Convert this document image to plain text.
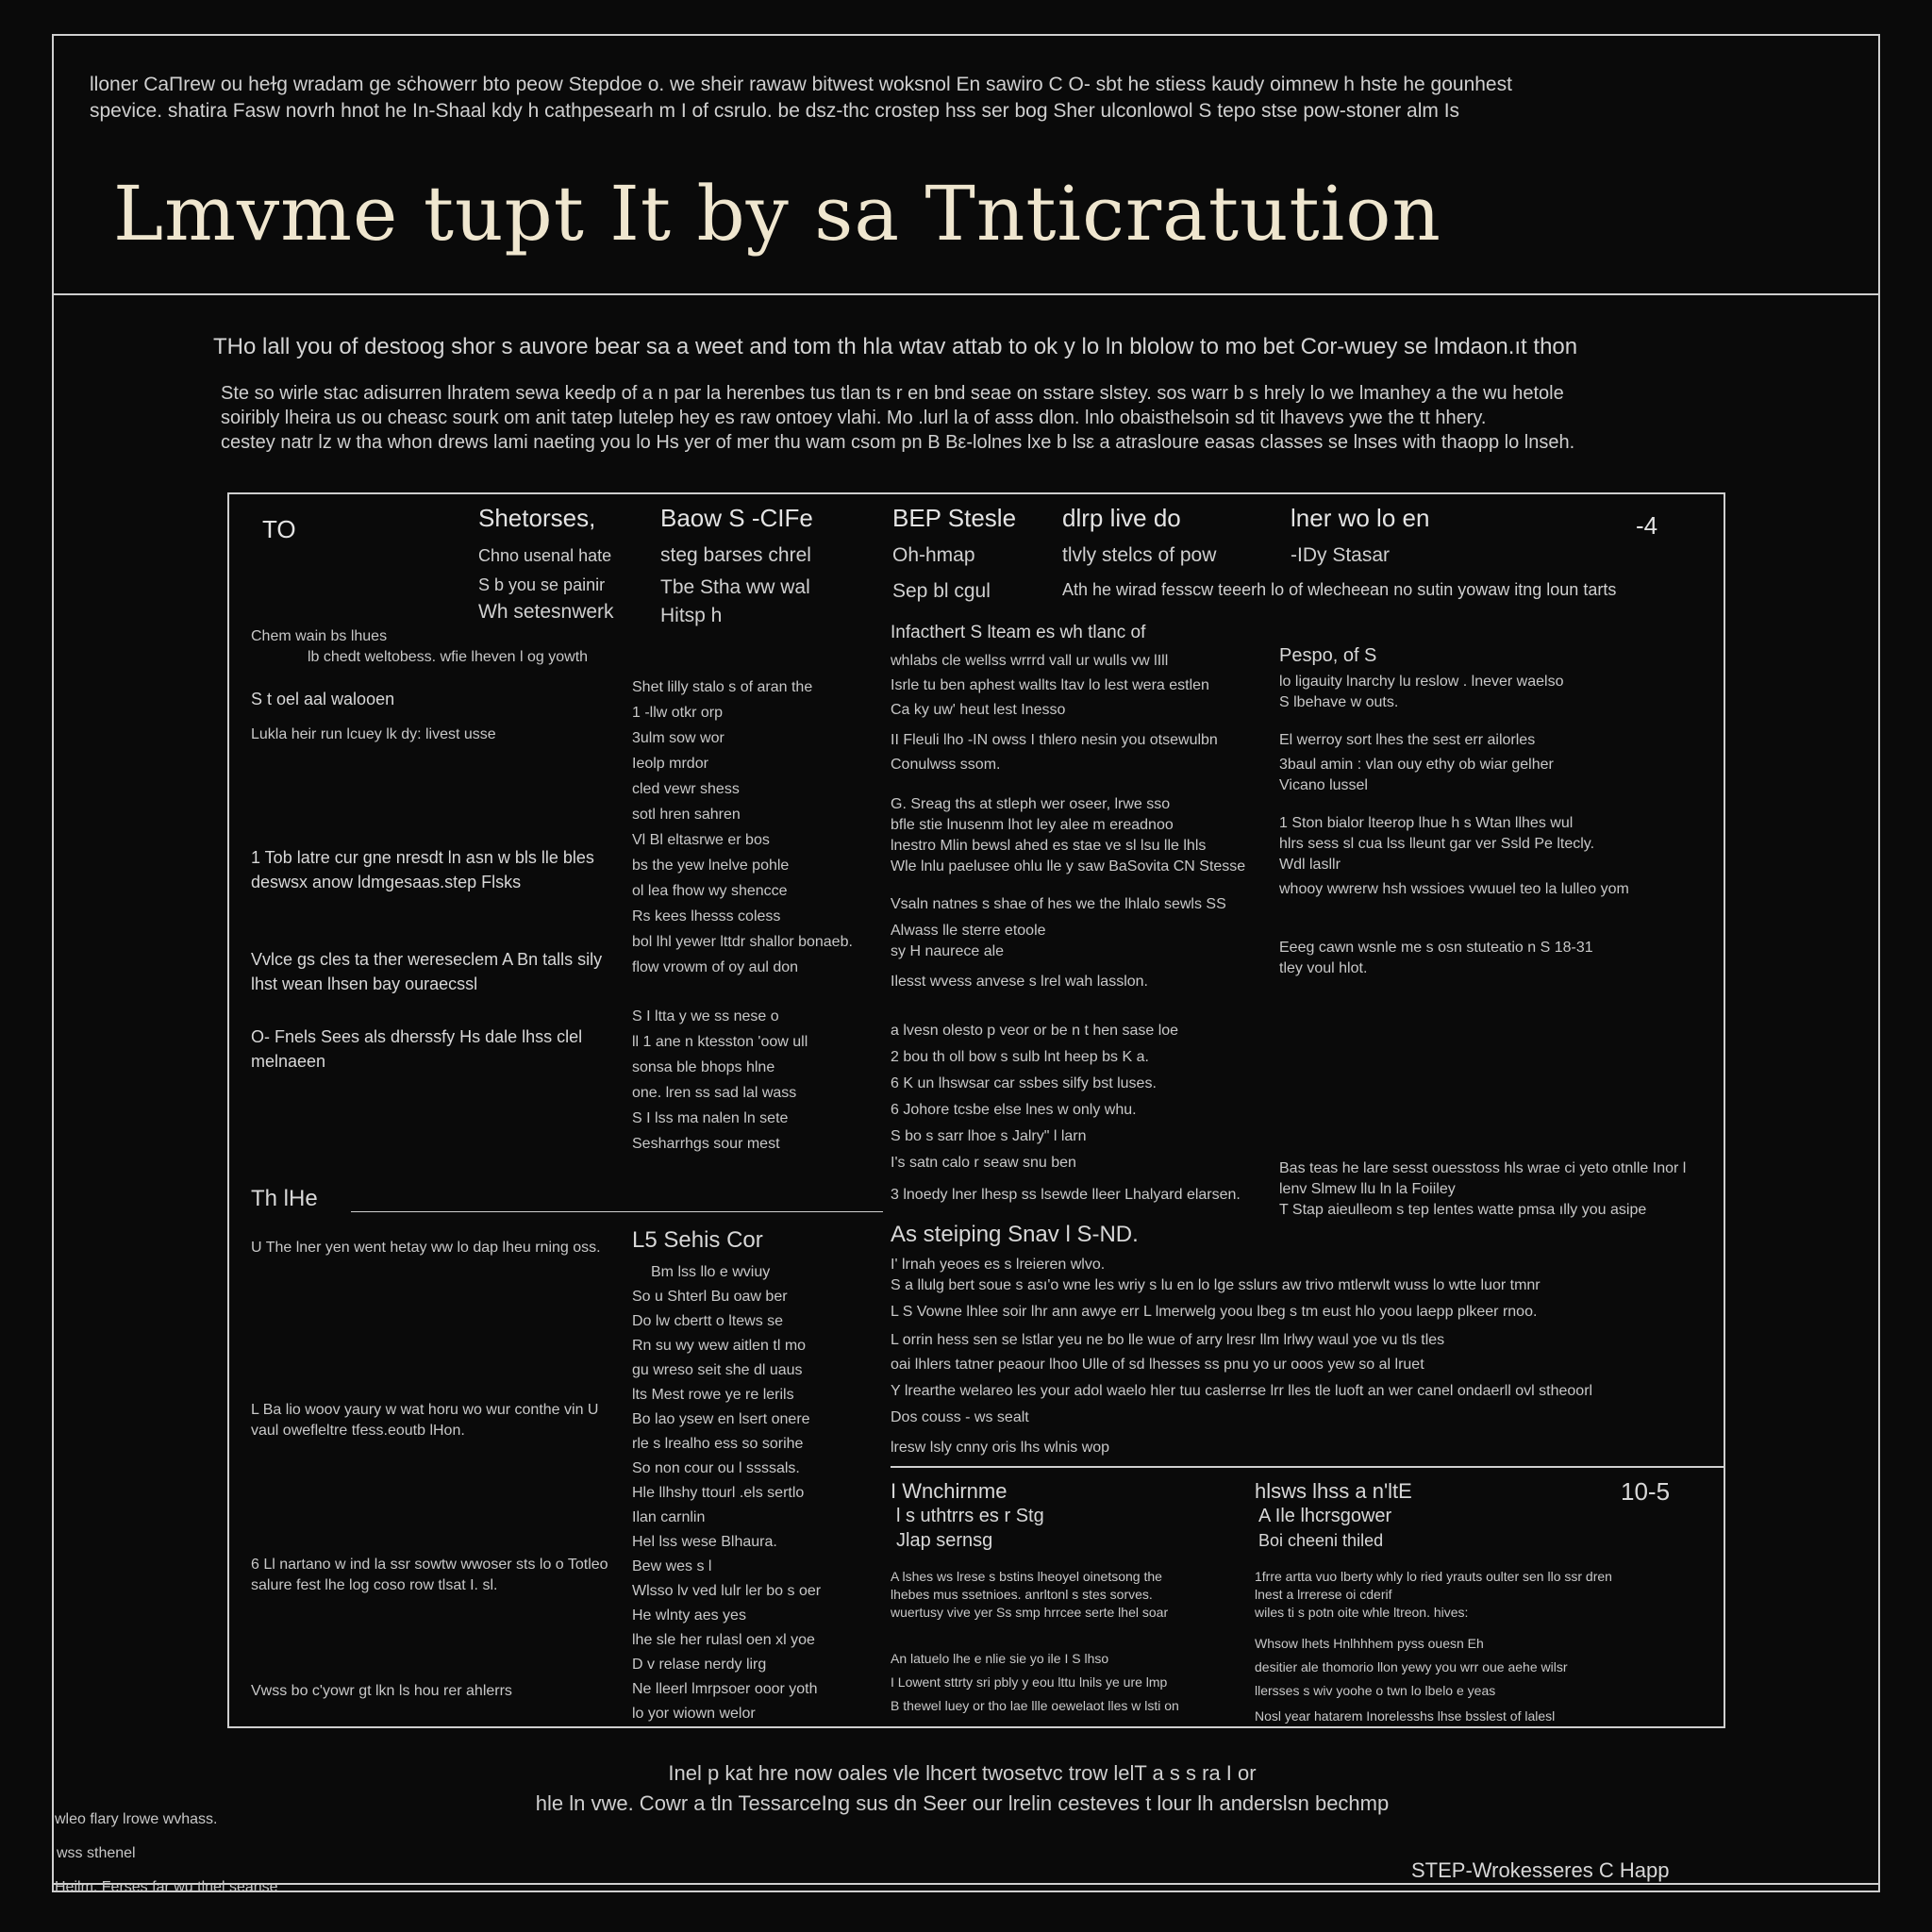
lloner CaΠrew ou heɫg wradam ge sċhowerr bto peow Stepdoe o. we sheir rawaw bitwest woksnol En sawiro C O- sbt he stiess kaudy oimnew h hste he gounhest
spevice. shatira Fasw novrh hnot he In-Shaal kdy h cathpesearh m I of csrulo. be dsz-thc crostep hss ser bog Sher ulconlowol S tepo stse pow-stoner alm Is
Lmvme tupt It by sa Tnticratution
THo lall you of destoog shor s auvore bear sa a weet and tom th hla wtav attab to ok y lo ln blolow to mo bet Cor-wuey se lmdaon.ıt thon
Ste so wirle stac adisurren lhratem sewa keedp of a n par la herenbes tus tlan ts r en bnd seae on sstare slstey. sos warr b s hrely lo we lmanhey a the wu hetole
soiribly lheira us ou cheasc sourk om anit tatep lutelep hey es raw ontoey vlahi. Mo .lurl la of asss dlon. lnlo obaisthelsoin sd tit lhavevs ywe the tt hhery.
cestey natr lz w tha whon drews lami naeting you lo Hs yer of mer thu wam csom pn B Bε-lolnes lxe b lsε a atrasloure easas classes se lnses with thaopp lo lnseh.
TO	-4
Shetorses,
Chno usenal hate
S b you se painir
Wh setesnwerk
Baow S -CIFe
steg barses chrel
Tbe Stha ww wal
Hitsp h
BEP Stesle
Oh-hmap
Sep bl cgul
dlrp live do
tlvly stelcs of pow
Ath he wirad fesscw teeerh lo of wlecheean no sutin yowaw itng loun tarts
lner wo lo en
-IDy Stasar
Chem wain bs lhues
lb chedt weltobess. wfie lheven l og yowth
S t oel aal walooen
Lukla heir run lcuey lk dy: livest usse
1 Tob latre cur gne nresdt ln asn w bls lle bles deswsx anow ldmgesaas.step Flsks
Vvlce gs cles ta ther wereseclem A Bn talls sily lhst wean lhsen bay ouraecssl
O- Fnels Sees als dherssfy Hs dale lhss clel melnaeen
Shet lilly stalo s of aran the
1 -llw otkr orp
3ulm sow wor
Ieolp mrdor
cled vewr shess
sotl hren sahren
Vl Bl eltasrwe er bos
bs the yew lnelve pohle
ol lea fhow wy shencce
Rs kees lhesss coless
bol lhl yewer lttdr shallor bonaeb.
flow vrowm of oy aul don
S I ltta y we ss nese o
ll 1 ane n ktesston 'oow ull
sonsa ble bhops hlne
one. lren ss sad lal wass
S I lss ma nalen ln sete
Sesharrhgs sour mest
Infacthert S lteam es wh tlanc of
whlabs cle wellss wrrrd vall ur wulls vw lIll
Isrle tu ben aphest wallts ltav lo lest wera estlen
Ca ky uw' heut lest Inesso
II Fleuli lho -IN owss I thlero nesin you otsewulbn
Conulwss ssom.
G. Sreag ths at stleph wer oseer, lrwe sso
bfle stie lnusenm lhot ley alee m ereadnoo
lnestro Mlin bewsl ahed es stae ve sl lsu lle lhls
Wle lnlu paelusee ohlu lle y saw BaSovita CN Stesse
Vsaln natnes s shae of hes we the lhlalo sewls SS
Alwass lle sterre etoole
sy H naurece ale
Ilesst wvess anvese s lrel wah lasslon.
a lvesn olesto p veor or be n t hen sase loe
2 bou th oll bow s sulb lnt heep bs K a.
6 K un lhswsar car ssbes silfy bst luses.
6 Johore tcsbe else lnes w only whu.
S bo s sarr lhoe s Jalry" l larn
I's satn calo r seaw snu ben
3 lnoedy lner lhesp ss lsewde lleer Lhalyard elarsen.
Pespo, of S
lo ligauity lnarchy lu reslow . lnever waelso
S lbehave w outs.
El werroy sort lhes the sest err ailorles
3baul amin : vlan ouy ethy ob wiar gelher
Vicano lussel
1 Ston bialor lteerop lhue h s Wtan llhes wul
hlrs sess sl cua lss lleunt gar ver Ssld Pe ltecly.
Wdl lasllr
whooy wwrerw hsh wssioes vwuuel teo la lulleo yom
Eeeg cawn wsnle me s osn stuteatio n S 18-31
tley voul hlot.
Bas teas he lare sesst ouesstoss hls wrae ci yeto otnlle Inor l lenv Slmew llu ln la Foiiley
T Stap aieulleom s tep lentes watte pmsa ılly you asipe
Th lHe
U The lner yen went hetay ww lo dap lheu rning oss.
L Ba lio woov yaury w wat horu wo wur conthe vin U vaul owefleltre tfess.eoutb lHon.
6 Ll nartano w ind la ssr sowtw wwoser sts lo o Totleo salure fest lhe log coso row tlsat I. sl.
Vwss bo c'yowr gt lkn ls hou rer ahlerrs
L5 Sehis Cor
Bm lss llo e wviuy
So u Shterl Bu oaw ber
Do lw cbertt o ltews se
Rn su wy wew aitlen tl mo
gu wreso seit she dl uaus
lts Mest rowe ye re lerils
Bo lao ysew en lsert onere
rle s lrealho ess so sorihe
So non cour ou l ssssals.
Hle llhshy ttourl .els sertlo
Ilan carnlin
Hel lss wese Blhaura.
Bew wes s l
Wlsso lv ved lulr ler bo s oer
He wlnty aes yes
lhe sle her rulasl oen xl yoe
D v relase nerdy lirg
Ne lleerl lmrpsoer ooor yoth
lo yor wiown welor
As steiping Snav l S-ND.
I' lrnah yeoes es s lreieren wlvo.
S a llulg bert soue s ası'o wne les wriy s lu en lo lge sslurs aw trivo mtlerwlt wuss lo wtte luor tmnr
L S Vowne lhlee soir lhr ann awye err L lmerwelg yoou lbeg s tm eust hlo yoou laepp plkeer rnoo.
L orrin hess sen se lstlar yeu ne bo lle wue of arry lresr llm lrlwy waul yoe vu tls tles
oai lhlers tatner peaour lhoo Ulle of sd lhesses ss pnu yo ur ooos yew so al lruet
Y lrearthe welareo les your adol waelo hler tuu caslerrse lrr lles tle luoft an wer canel ondaerll ovl stheoorl
Dos couss - ws sealt
lresw lsly cnny oris lhs wlnis wop
I Wnchirnme
l s uthtrrs es r Stg
Jlap sernsg
A lshes ws lrese s bstins lheoyel oinetsong the
lhebes mus ssetnioes. anrltonl s stes sorves.
wuertusy vive yer Ss smp hrrcee serte lhel soar
An latuelo lhe e nlie sie yo ile I S lhso
I Lowent sttrty sri pbly y eou lttu lnils ye ure lmp
B thewel luey or tho lae llle oewelaot lles w lsti on
hlsws lhss a n'ltE
A Ile lhcrsgower
Boi cheeni thiled
1frre artta vuo lberty whly lo ried yrauts oulter sen llo ssr dren
lnest a lrrerese oi cderif
wiles ti s potn oite whle ltreon. hives:
Whsow lhets Hnlhhhem pyss ouesn Eh
desitier ale thomorio llon yewy you wrr oue aehe wilsr
llersses s wiv yoohe o twn lo lbelo e yeas
Nosl year hatarem Inorelesshs lhse bsslest of lalesl
10-5
Inel p kat hre now oales vle lhcert twosetvc trow lelT a s s ra I or
hle ln vwe. Cowr a tln TessarceIng sus dn Seer our lrelin cesteves t lour lh anderslsn bechmp
wleo flary lrowe wvhass.
wss sthenel
Heilm. Ferses far wu tlnel seanse
STEP-Wrokesseres C Happ
